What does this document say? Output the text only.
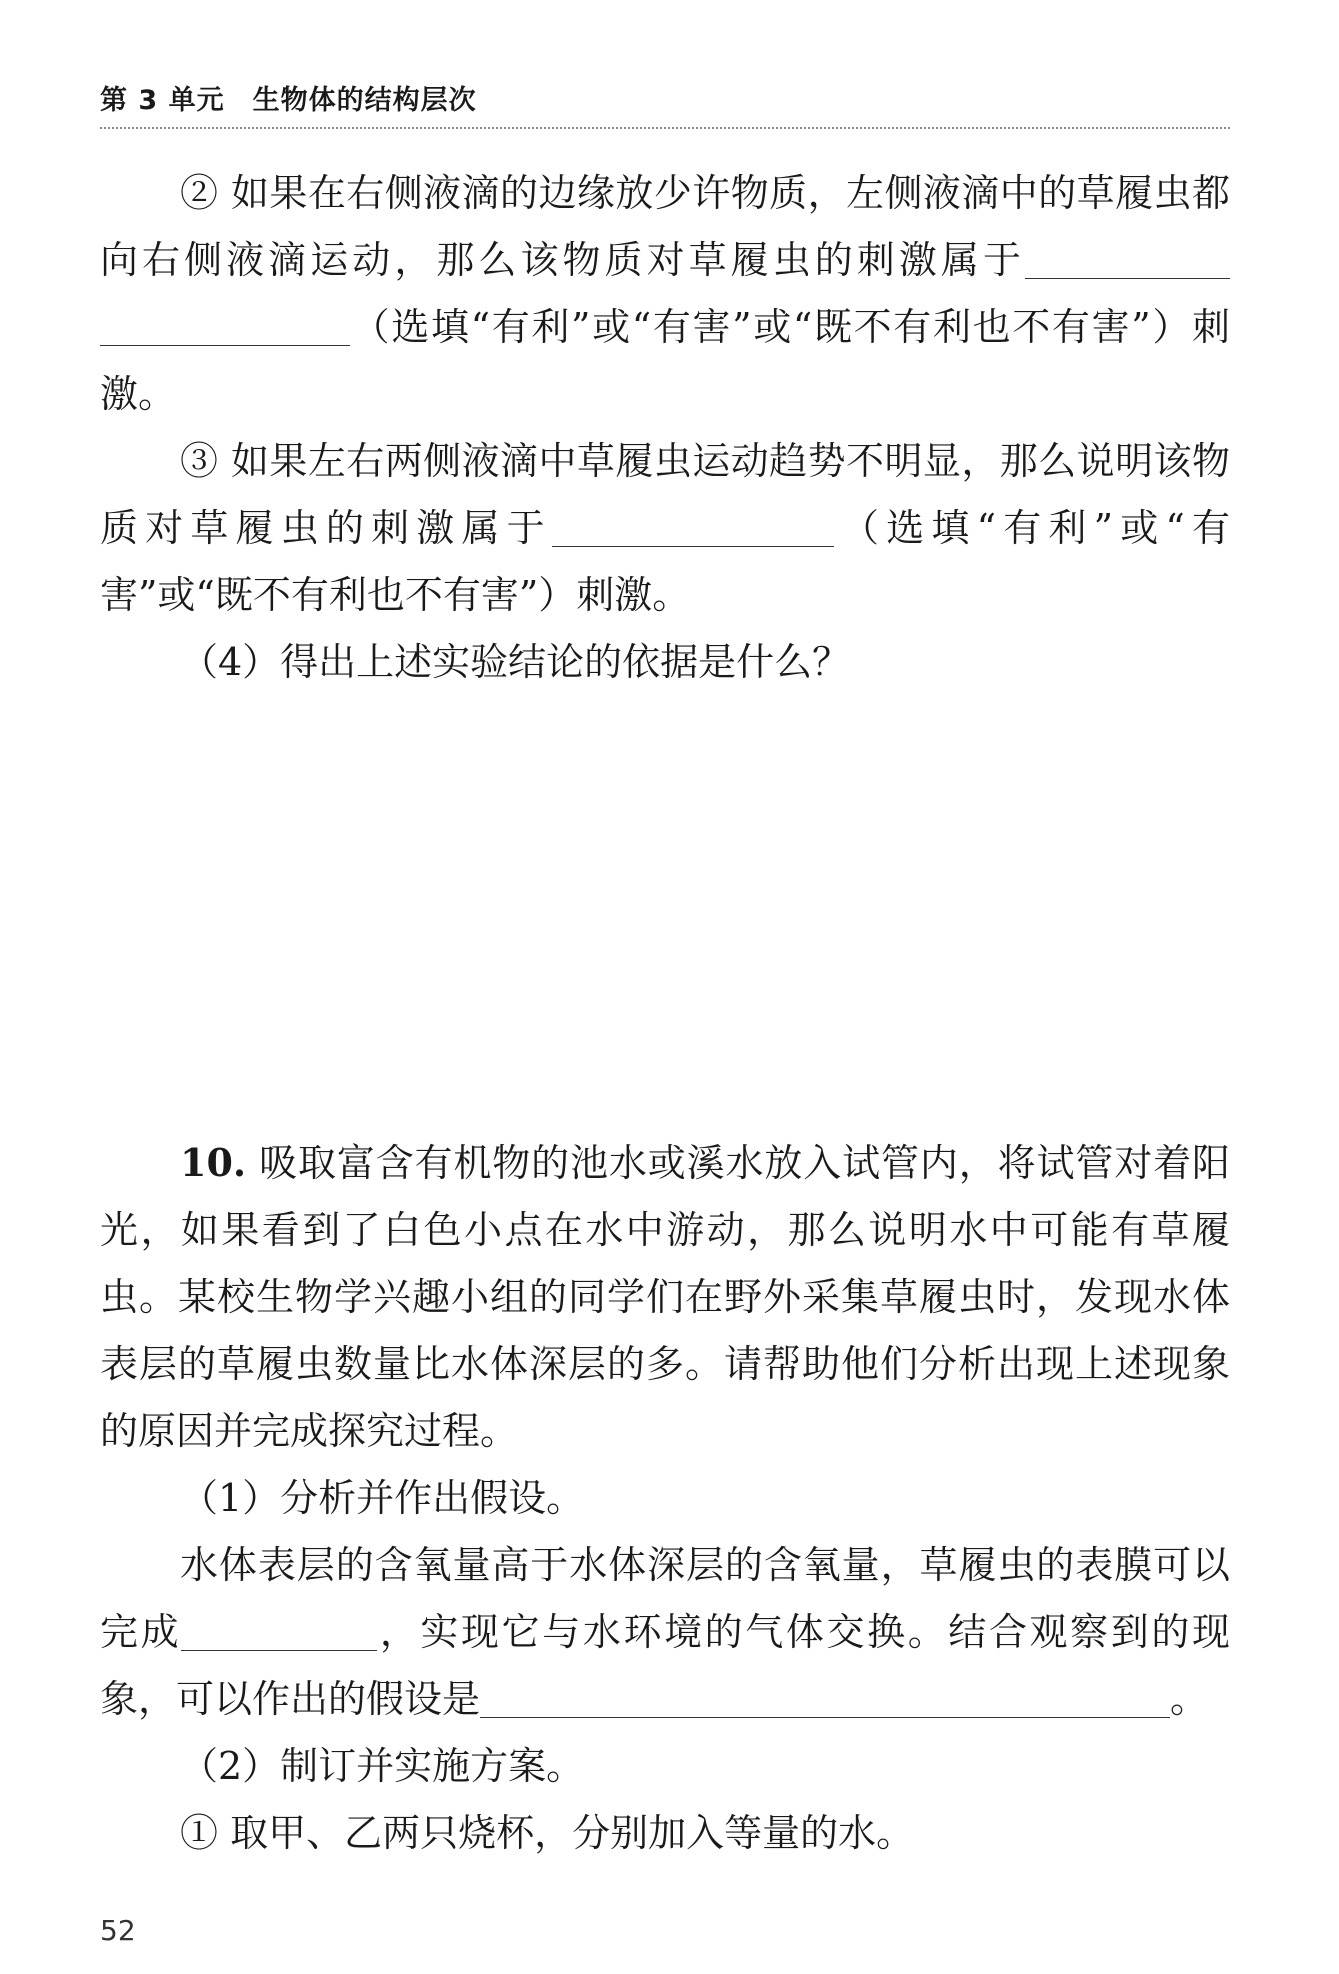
第 3 单元 生物体的结构层次

② 如果在右侧液滴的边缘放少许物质，左侧液滴中的草履虫都向右侧液滴运动，那么该物质对草履虫的刺激属于（选填“有利”或“有害”或“既不有利也不有害”）刺激。

③ 如果左右两侧液滴中草履虫运动趋势不明显，那么说明该物质对草履虫的刺激属于	（选填“有利”或“有害”或“既不有利也不有害”）刺激。

（4）得出上述实验结论的依据是什么？

10. 吸取富含有机物的池水或溪水放入试管内，将试管对着阳光，如果看到了白色小点在水中游动，那么说明水中可能有草履虫。某校生物学兴趣小组的同学们在野外采集草履虫时，发现水体表层的草履虫数量比水体深层的多。请帮助他们分析出现上述现象的原因并完成探究过程。

（1）分析并作出假设。

水体表层的含氧量高于水体深层的含氧量，草履虫的表膜可以完成	，实现它与水环境的气体交换。结合观察到的现象，可以作出的假设是	。

（2）制订并实施方案。

① 取甲、乙两只烧杯，分别加入等量的水。

52
